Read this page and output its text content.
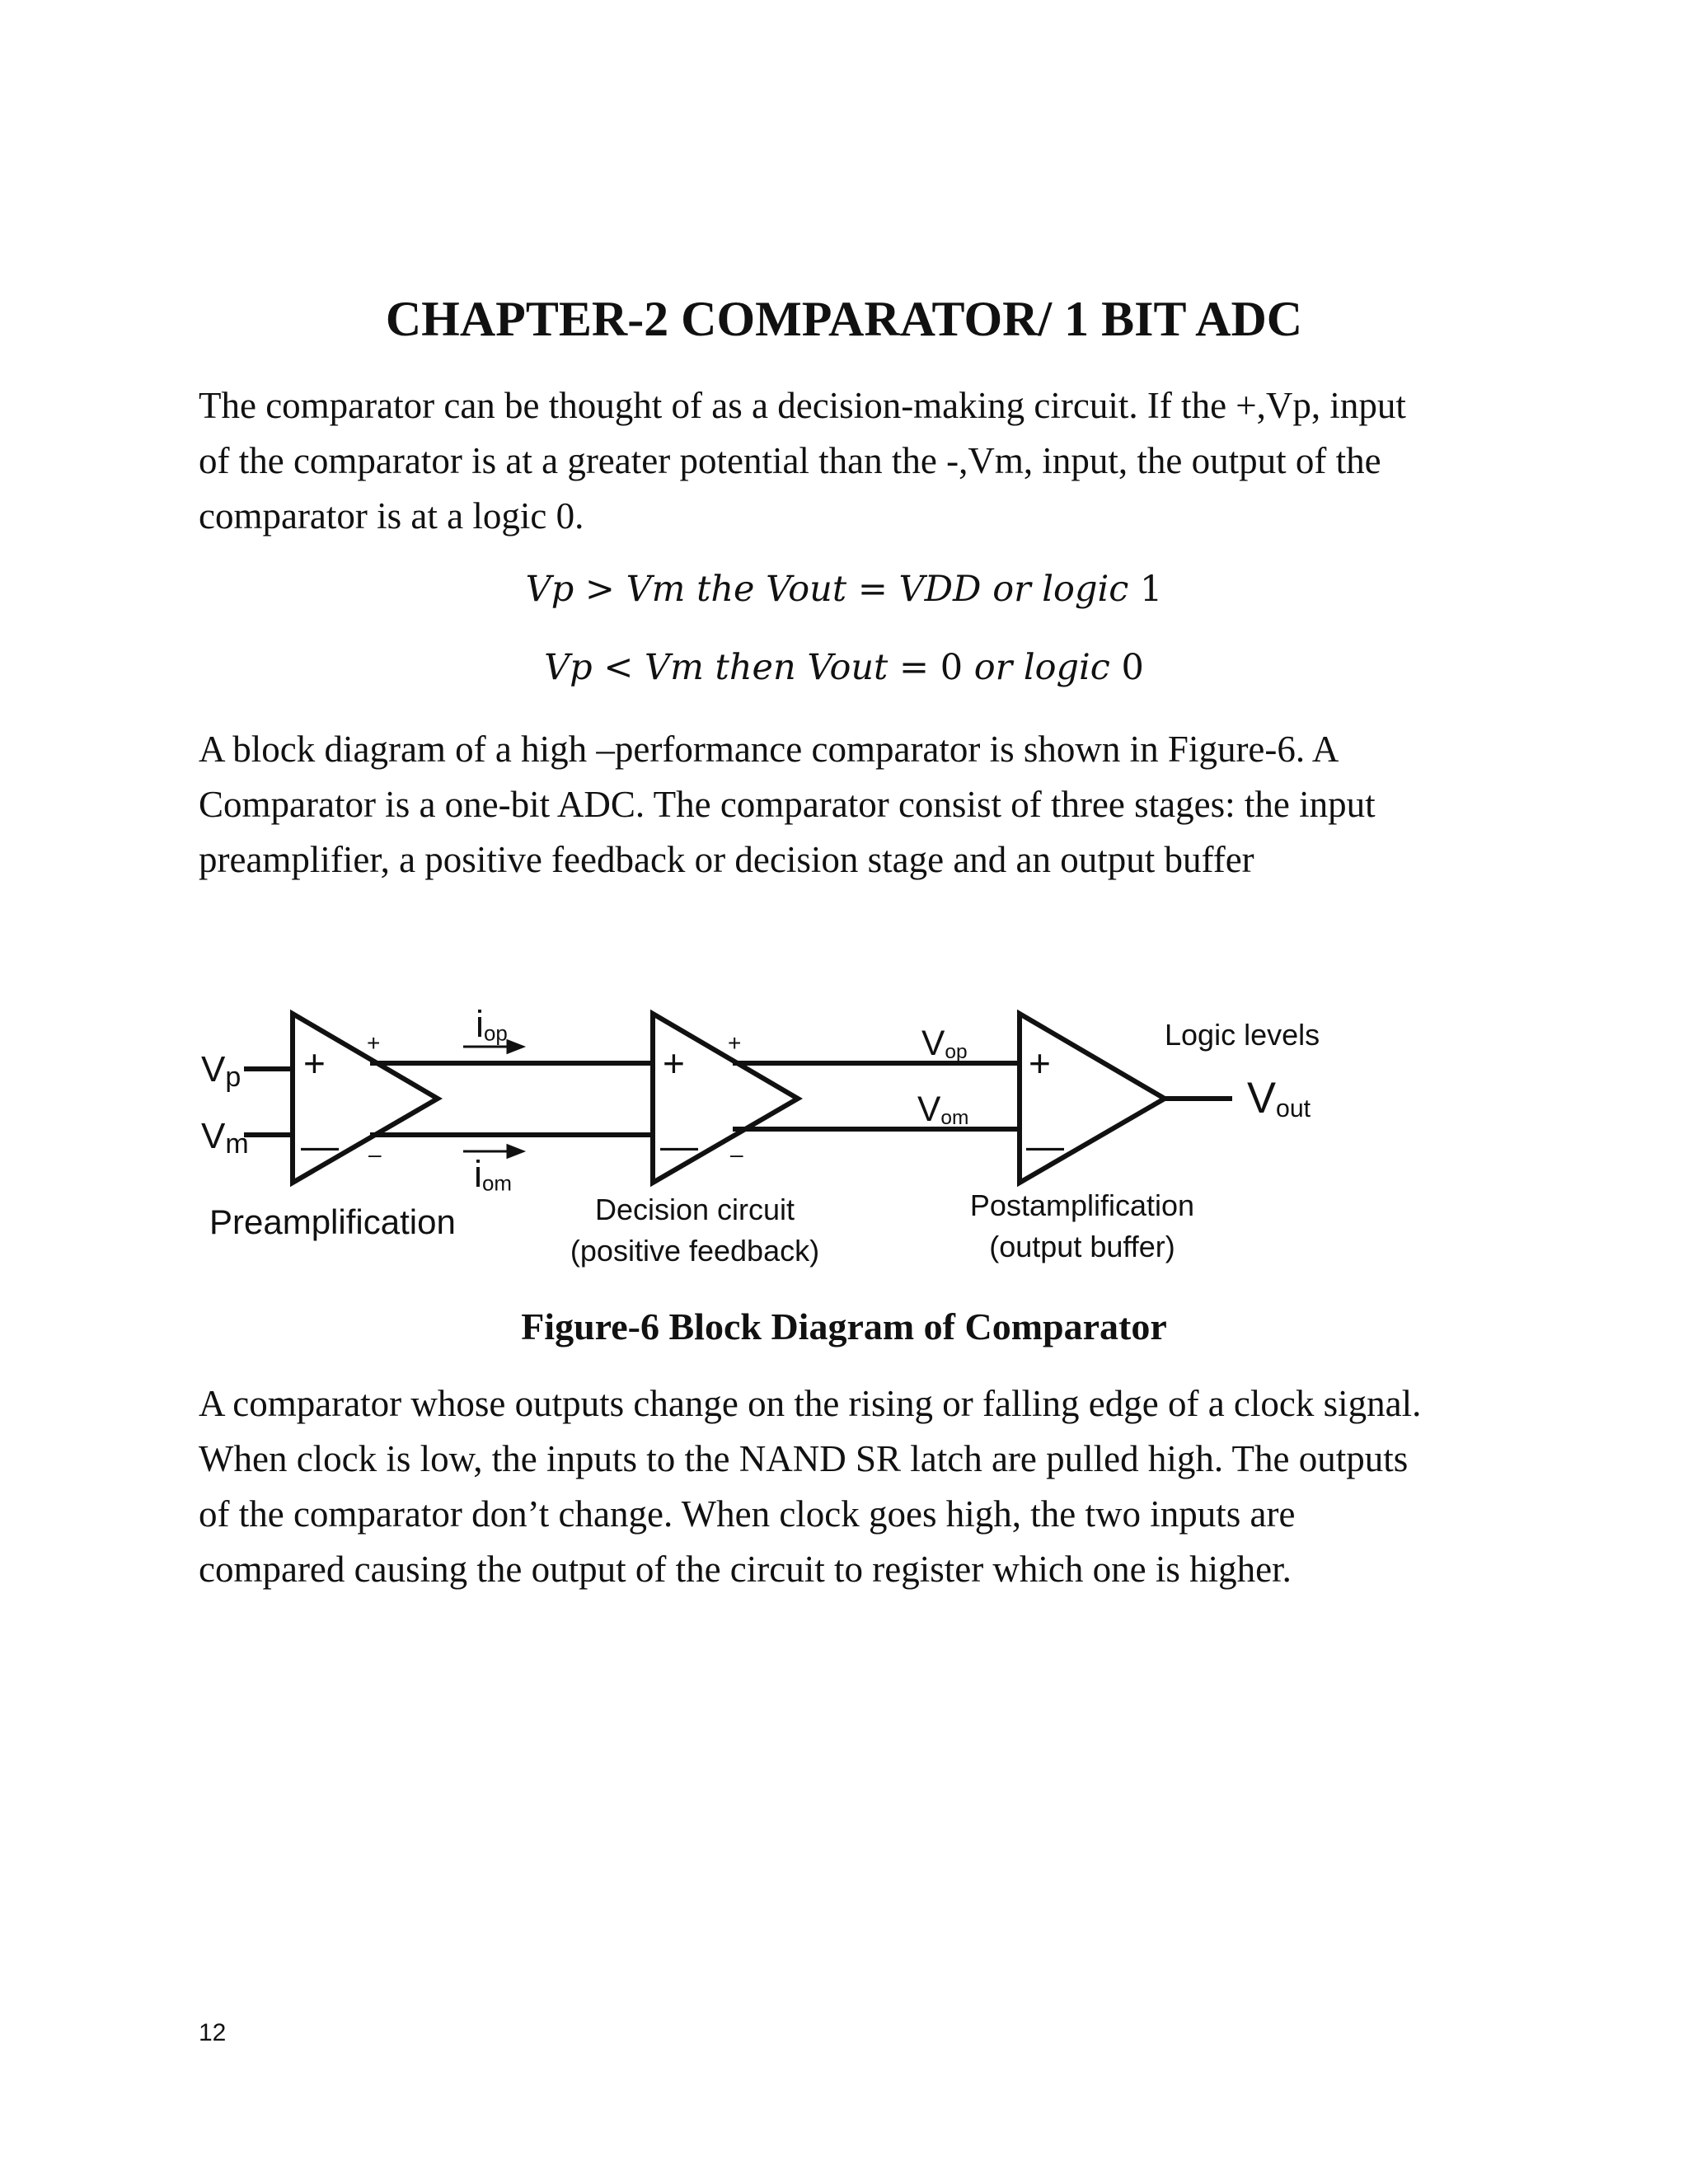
CHAPTER-2 COMPARATOR/ 1 BIT ADC

The comparator can be thought of as a decision-making circuit. If the +,Vp, input
of the comparator is at a greater potential than the -,Vm, input, the output of the
comparator is at a logic 0.

Vp > Vm the Vout = VDD or logic 1
Vp < Vm then Vout = 0 or logic 0

A block diagram of a high –performance comparator is shown in Figure-6. A
Comparator is a one-bit ADC. The comparator consist of three stages: the input
preamplifier, a positive feedback or decision stage and an output buffer

Vp
Vm
+
—
+
—
+
—
+
–
+
–
iop
iom
Vop
Vom
Logic levels
Vout
Preamplification	Decision circuit
(positive feedback)
Postamplification
(output buffer)
Figure-6 Block Diagram of Comparator

A comparator whose outputs change on the rising or falling edge of a clock signal.
When clock is low, the inputs to the NAND SR latch are pulled high. The outputs
of the comparator don’t change. When clock goes high, the two inputs are
compared causing the output of the circuit to register which one is higher.

12
